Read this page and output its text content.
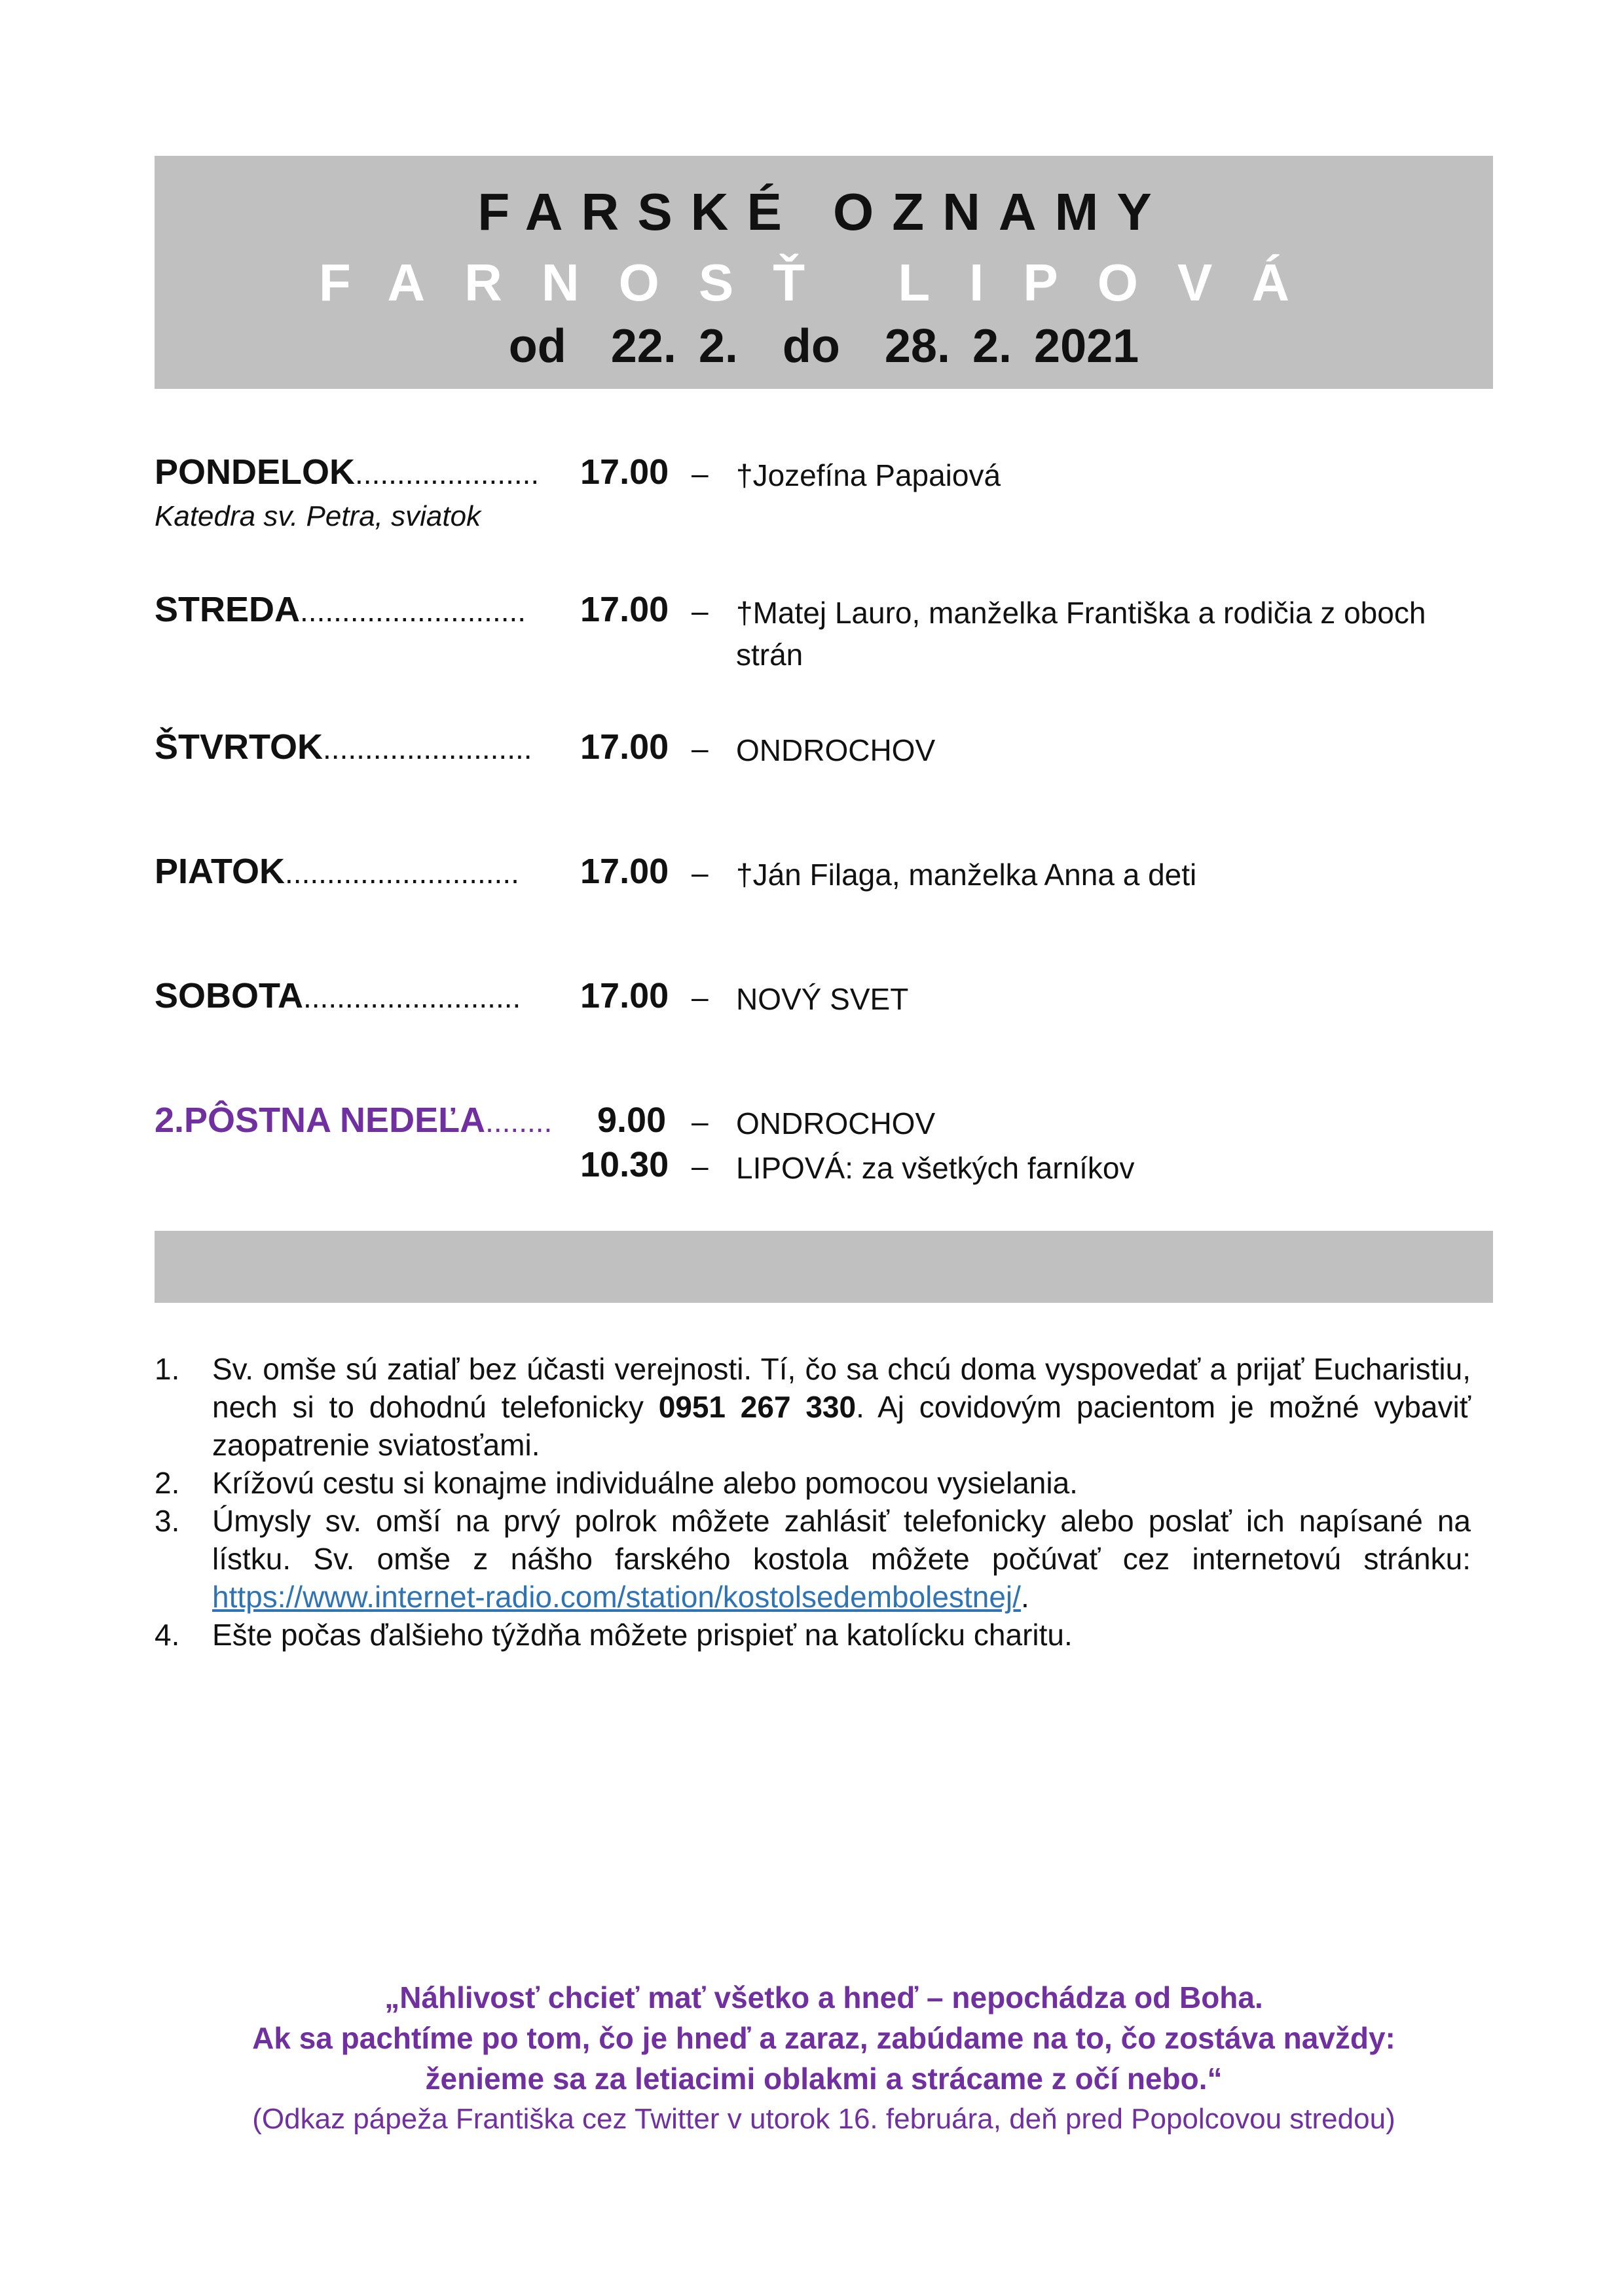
FARSKÉ OZNAMY
FARNOSŤ LIPOVÁ
od  22. 2.  do  28. 2. 2021
PONDELOK...................... 17.00 – †Jozefína Papaiová
Katedra sv. Petra, sviatok
STREDA........................... 17.00 – †Matej Lauro, manželka Františka a rodičia z oboch strán
ŠTVRTOK......................... 17.00 – ONDROCHOV
PIATOK............................ 17.00 – †Ján Filaga, manželka Anna a deti
SOBOTA.......................... 17.00 – NOVÝ SVET
2.PÔSTNA NEDEĽA........ 9.00 – ONDROCHOV
10.30 – LIPOVÁ: za všetkých farníkov

1. Sv. omše sú zatiaľ bez účasti verejnosti. Tí, čo sa chcú doma vyspovedať a prijať Eucharistiu, nech si to dohodnú telefonicky 0951 267 330. Aj covidovým pacientom je možné vybaviť zaopatrenie sviatosťami.

2. Krížovú cestu si konajme individuálne alebo pomocou vysielania.

3. Úmysly sv. omší na prvý polrok môžete zahlásiť telefonicky alebo poslať ich napísané na lístku. Sv. omše z nášho farského kostola môžete počúvať cez internetovú stránku: https://www.internet-radio.com/station/kostolsedembolestnej/.

4. Ešte počas ďalšieho týždňa môžete prispieť na katolícku charitu.

„Náhlivosť chcieť mať všetko a hneď – nepochádza od Boha.
Ak sa pachtíme po tom, čo je hneď a zaraz, zabúdame na to, čo zostáva navždy:
ženieme sa za letiacimi oblakmi a strácame z očí nebo.“
(Odkaz pápeža Františka cez Twitter v utorok 16. februára, deň pred Popolcovou stredou)
